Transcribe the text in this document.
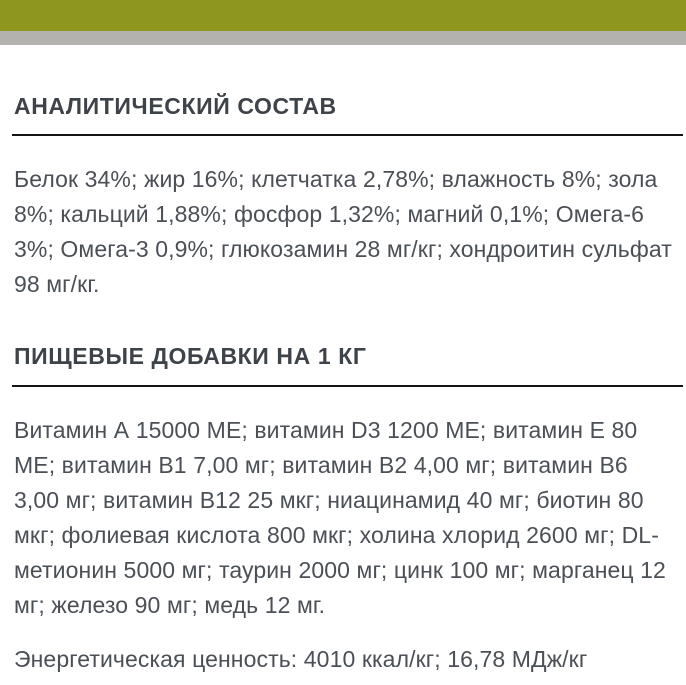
АНАЛИТИЧЕСКИЙ СОСТАВ

Белок 34%; жир 16%; клетчатка 2,78%; влажность 8%; зола 8%; кальций 1,88%; фосфор 1,32%; магний 0,1%; Омега-6 3%; Омега-3 0,9%; глюкозамин 28 мг/кг; хондроитин сульфат 98 мг/кг.

ПИЩЕВЫЕ ДОБАВКИ НА 1 КГ

Витамин А 15000 МЕ; витамин D3 1200 МЕ; витамин Е 80 МЕ; витамин В1 7,00 мг; витамин В2 4,00 мг; витамин В6 3,00 мг; витамин В12 25 мкг; ниацинамид 40 мг; биотин 80 мкг; фолиевая кислота 800 мкг; холина хлорид 2600 мг; DL-метионин 5000 мг; таурин 2000 мг; цинк 100 мг; марганец 12 мг; железо 90 мг; медь 12 мг.

Энергетическая ценность: 4010 ккал/кг; 16,78 МДж/кг
